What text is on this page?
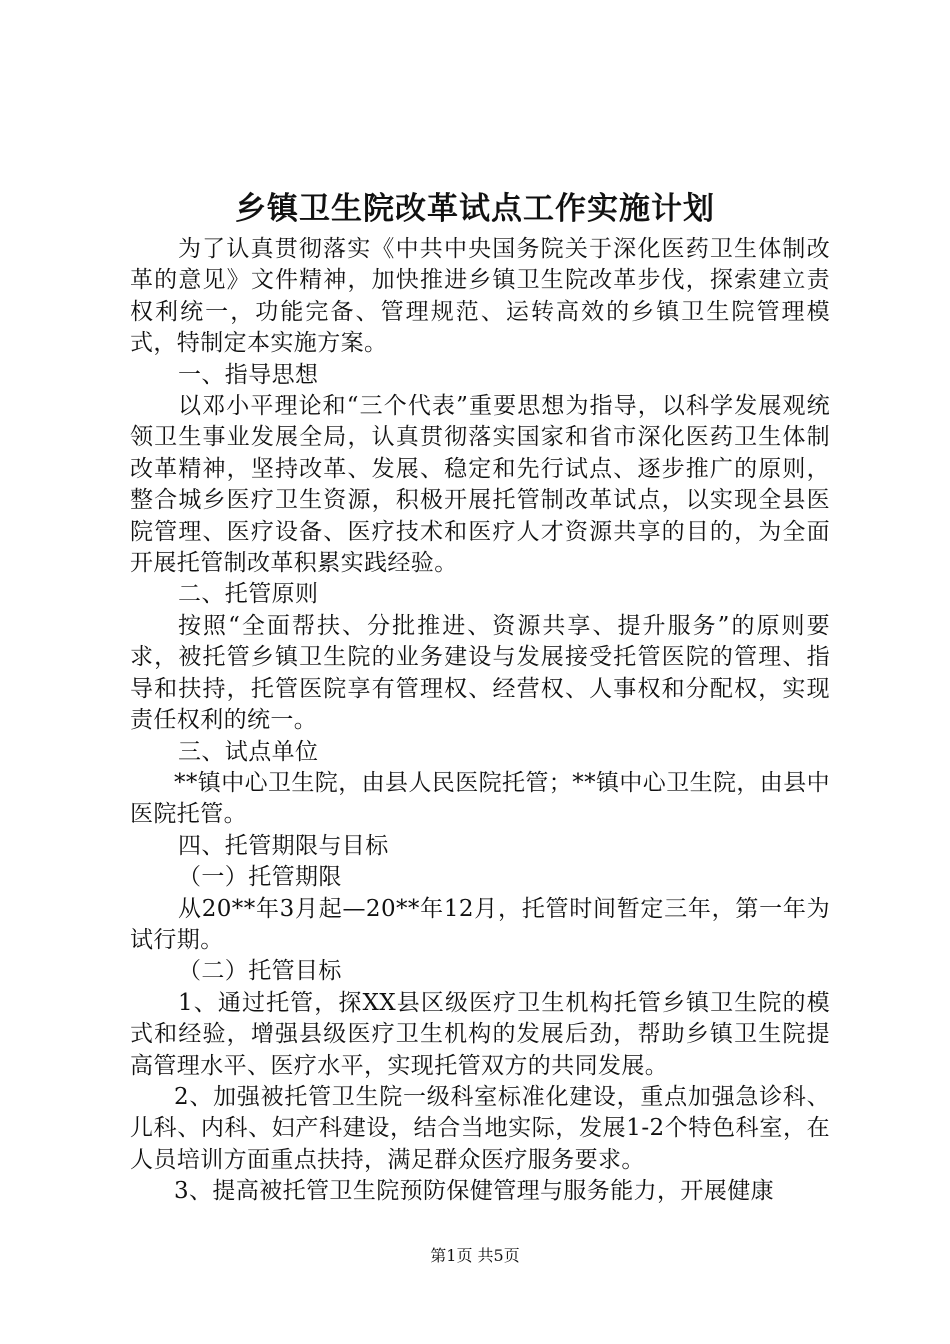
乡镇卫生院改革试点工作实施计划

为了认真贯彻落实《中共中央国务院关于深化医药卫生体制改革的意见》文件精神，加快推进乡镇卫生院改革步伐，探索建立责权利统一，功能完备、管理规范、运转高效的乡镇卫生院管理模式，特制定本实施方案。

一、指导思想

以邓小平理论和“三个代表”重要思想为指导，以科学发展观统领卫生事业发展全局，认真贯彻落实国家和省市深化医药卫生体制改革精神，坚持改革、发展、稳定和先行试点、逐步推广的原则，整合城乡医疗卫生资源，积极开展托管制改革试点，以实现全县医院管理、医疗设备、医疗技术和医疗人才资源共享的目的，为全面开展托管制改革积累实践经验。

二、托管原则

按照“全面帮扶、分批推进、资源共享、提升服务”的原则要求，被托管乡镇卫生院的业务建设与发展接受托管医院的管理、指导和扶持，托管医院享有管理权、经营权、人事权和分配权，实现责任权利的统一。

三、试点单位

**镇中心卫生院，由县人民医院托管；**镇中心卫生院，由县中医院托管。

四、托管期限与目标

（一）托管期限

从20**年3月起—20**年12月，托管时间暂定三年，第一年为试行期。

（二）托管目标

1、通过托管，探XX县区级医疗卫生机构托管乡镇卫生院的模式和经验，增强县级医疗卫生机构的发展后劲，帮助乡镇卫生院提高管理水平、医疗水平，实现托管双方的共同发展。

2、加强被托管卫生院一级科室标准化建设，重点加强急诊科、儿科、内科、妇产科建设，结合当地实际，发展1-2个特色科室，在人员培训方面重点扶持，满足群众医疗服务要求。

3、提高被托管卫生院预防保健管理与服务能力，开展健康

第1页 共5页
